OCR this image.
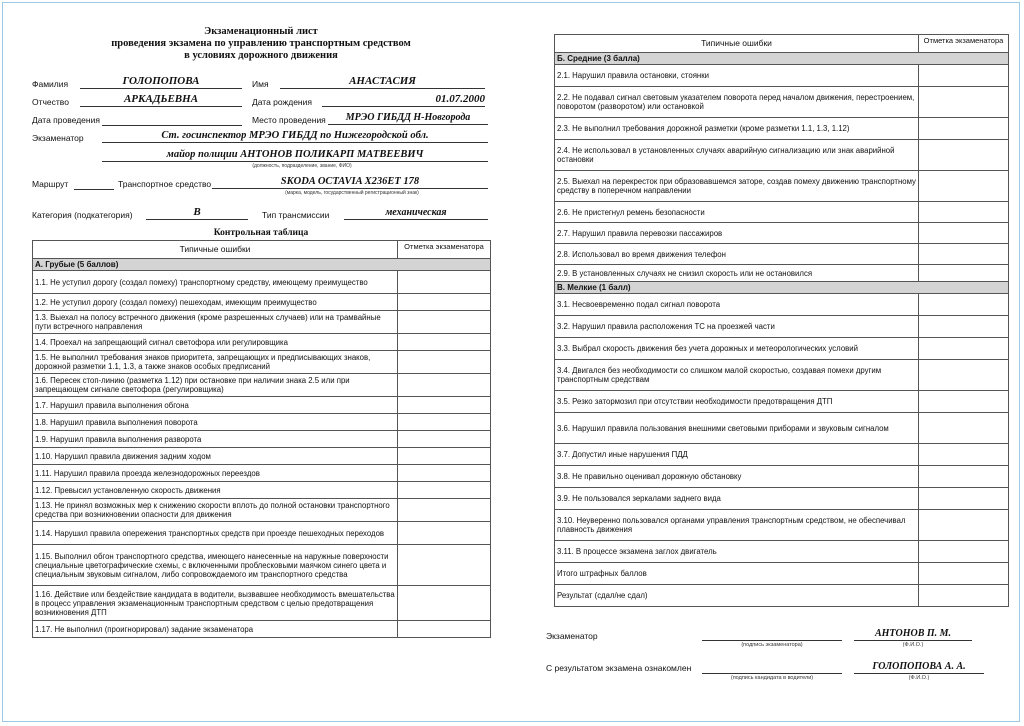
Экзаменационный лист
проведения экзамена по управлению транспортным средством
в условиях дорожного движения
Фамилия	ГОЛОПОПОВА	Имя	АНАСТАСИЯ
Отчество	АРКАДЬЕВНА	Дата рождения	01.07.2000
Дата проведения	Место проведения	МРЭО ГИБДД Н-Новгорода
Экзаменатор	Ст. госинспектор МРЭО ГИБДД по Нижегородской обл.
майор полиции АНТОНОВ ПОЛИКАРП МАТВЕЕВИЧ
(должность, подразделение, звание, ФИО)
Маршрут	Транспортное средство	SKODA OCTAVIA X236ET 178
(марка, модель, государственный регистрационный знак)
Категория (подкатегория)	B	Тип трансмиссии	механическая
Контрольная таблица
Типичные ошибки	Отметка экзаменатора
А. Грубые (5 баллов)	
1.1. Не уступил дорогу (создал помеху) транспортному средству, имеющему преимущество	
1.2. Не уступил дорогу (создал помеху) пешеходам, имеющим преимущество	
1.3. Выехал на полосу встречного движения (кроме разрешенных случаев) или на трамвайные пути встречного направления	
1.4. Проехал на запрещающий сигнал светофора или регулировщика	
1.5. Не выполнил требования знаков приоритета, запрещающих и предписывающих знаков, дорожной разметки 1.1, 1.3, а также знаков особых предписаний	
1.6. Пересек стоп-линию (разметка 1.12) при остановке при наличии знака 2.5 или при запрещающем сигнале светофора (регулировщика)	
1.7. Нарушил правила выполнения обгона	
1.8. Нарушил правила выполнения поворота	
1.9. Нарушил правила выполнения разворота	
1.10. Нарушил правила движения задним ходом	
1.11. Нарушил правила проезда железнодорожных переездов	
1.12. Превысил установленную скорость движения	
1.13. Не принял возможных мер к снижению скорости вплоть до полной остановки транспортного средства при возникновении опасности для движения	
1.14. Нарушил правила опережения транспортных средств при проезде пешеходных переходов	
1.15. Выполнил обгон транспортного средства, имеющего нанесенные на наружные поверхности специальные цветографические схемы, с включенными проблесковыми маячком синего цвета и специальным звуковым сигналом, либо сопровождаемого им транспортного средства	
1.16. Действие или бездействие кандидата в водители, вызвавшее необходимость вмешательства в процесс управления экзаменационным транспортным средством с целью предотвращения возникновения ДТП	
1.17. Не выполнил (проигнорировал) задание экзаменатора	
Типичные ошибки	Отметка экзаменатора
Б. Средние (3 балла)	
2.1. Нарушил правила остановки, стоянки	
2.2. Не подавал сигнал световым указателем поворота перед началом движения, перестроением, поворотом (разворотом) или остановкой	
2.3. Не выполнил требования дорожной разметки (кроме разметки 1.1, 1.3, 1.12)	
2.4. Не использовал в установленных случаях аварийную сигнализацию или знак аварийной остановки	
2.5. Выехал на перекресток при образовавшемся заторе, создав помеху движению транспортному средству в поперечном направлении	
2.6. Не пристегнул ремень безопасности	
2.7. Нарушил правила перевозки пассажиров	
2.8. Использовал во время движения телефон	
2.9. В установленных случаях не снизил скорость или не остановился	
В. Мелкие (1 балл)	
3.1. Несвоевременно подал сигнал поворота	
3.2. Нарушил правила расположения ТС на проезжей части	
3.3. Выбрал скорость движения без учета дорожных и метеорологических условий	
3.4. Двигался без необходимости со слишком малой скоростью, создавая помехи другим транспортным средствам	
3.5. Резко затормозил при отсутствии необходимости предотвращения ДТП	
3.6. Нарушил правила пользования внешними световыми приборами и звуковым сигналом	
3.7. Допустил иные нарушения ПДД	
3.8. Не правильно оценивал дорожную обстановку	
3.9. Не пользовался зеркалами заднего вида	
3.10. Неуверенно пользовался органами управления транспортным средством, не обеспечивал плавность движения	
3.11. В процессе экзамена заглох двигатель	
Итого штрафных баллов	
Результат (сдал/не сдал)	
Экзаменатор
(подпись экзаменатора)
АНТОНОВ П. М.
(Ф.И.О.)
С результатом экзамена ознакомлен
(подпись кандидата в водители)
ГОЛОПОПОВА А. А.
(Ф.И.О.)
